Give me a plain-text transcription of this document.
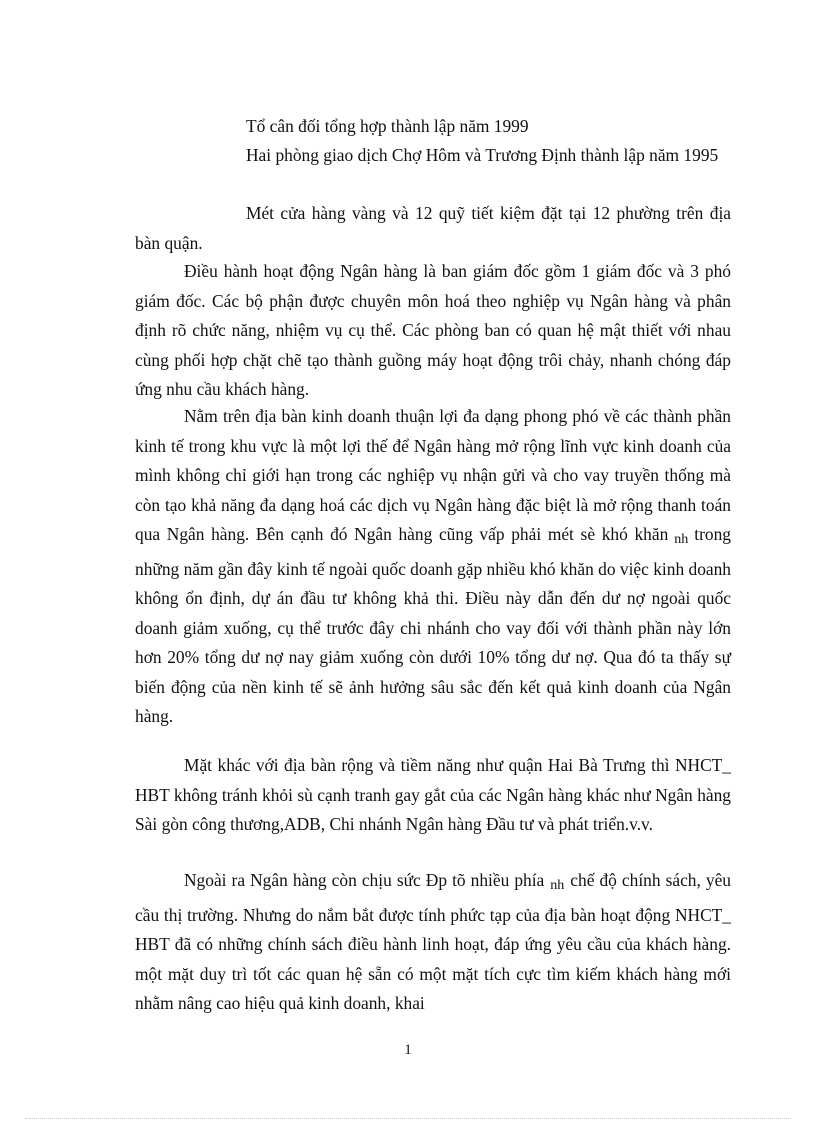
Tổ cân đối tổng hợp thành lập năm 1999

Hai phòng giao dịch Chợ Hôm và Trương Định thành lập năm 1995

Mét cửa hàng vàng và 12 quỹ tiết kiệm đặt tại 12 phường trên địa bàn quận.

Điều hành hoạt động Ngân hàng là ban giám đốc gồm 1 giám đốc và 3 phó giám đốc. Các bộ phận được chuyên môn hoá theo nghiệp vụ Ngân hàng và phân định rõ chức năng, nhiệm vụ cụ thể. Các phòng ban có quan hệ mật thiết với nhau cùng phối hợp chặt chẽ tạo thành guồng máy hoạt động trôi chảy, nhanh chóng đáp ứng nhu cầu khách hàng.

Nằm trên địa bàn kinh doanh thuận lợi đa dạng phong phó về các thành phần kinh tế trong khu vực là một lợi thế để Ngân hàng mở rộng lĩnh vực kinh doanh của mình không chỉ giới hạn trong các nghiệp vụ nhận gửi và cho vay truyền thống mà còn tạo khả năng đa dạng hoá các dịch vụ Ngân hàng đặc biệt là mở rộng thanh toán qua Ngân hàng. Bên cạnh đó Ngân hàng cũng vấp phải mét sè khó khăn nh trong những năm gần đây kinh tế ngoài quốc doanh gặp nhiều khó khăn do việc kinh doanh không ổn định, dự án đầu tư không khả thi. Điều này dẫn đến dư nợ ngoài quốc doanh giảm xuống, cụ thể trước đây chi nhánh cho vay đối với thành phần này lớn hơn 20% tổng dư nợ nay giảm xuống còn dưới 10% tổng dư nợ. Qua đó ta thấy sự biến động của nền kinh tế sẽ ảnh hưởng sâu sắc đến kết quả kinh doanh của Ngân hàng.

Mặt khác với địa bàn rộng và tiềm năng như quận Hai Bà Trưng thì NHCT_ HBT không tránh khỏi sù cạnh tranh gay gắt của các Ngân hàng khác như Ngân hàng Sài gòn công thương,ADB, Chi nhánh Ngân hàng Đầu tư và phát triển.v.v.

Ngoài ra Ngân hàng còn chịu sức Ðp tõ nhiều phía nh chế độ chính sách, yêu cầu thị trường. Nhưng do nắm bắt được tính phức tạp của địa bàn hoạt động NHCT_ HBT đã có những chính sách điều hành linh hoạt, đáp ứng yêu cầu của khách hàng. một mặt duy trì tốt các quan hệ sẵn có một mặt tích cực tìm kiếm khách hàng mới nhằm nâng cao hiệu quả kinh doanh, khai

1
